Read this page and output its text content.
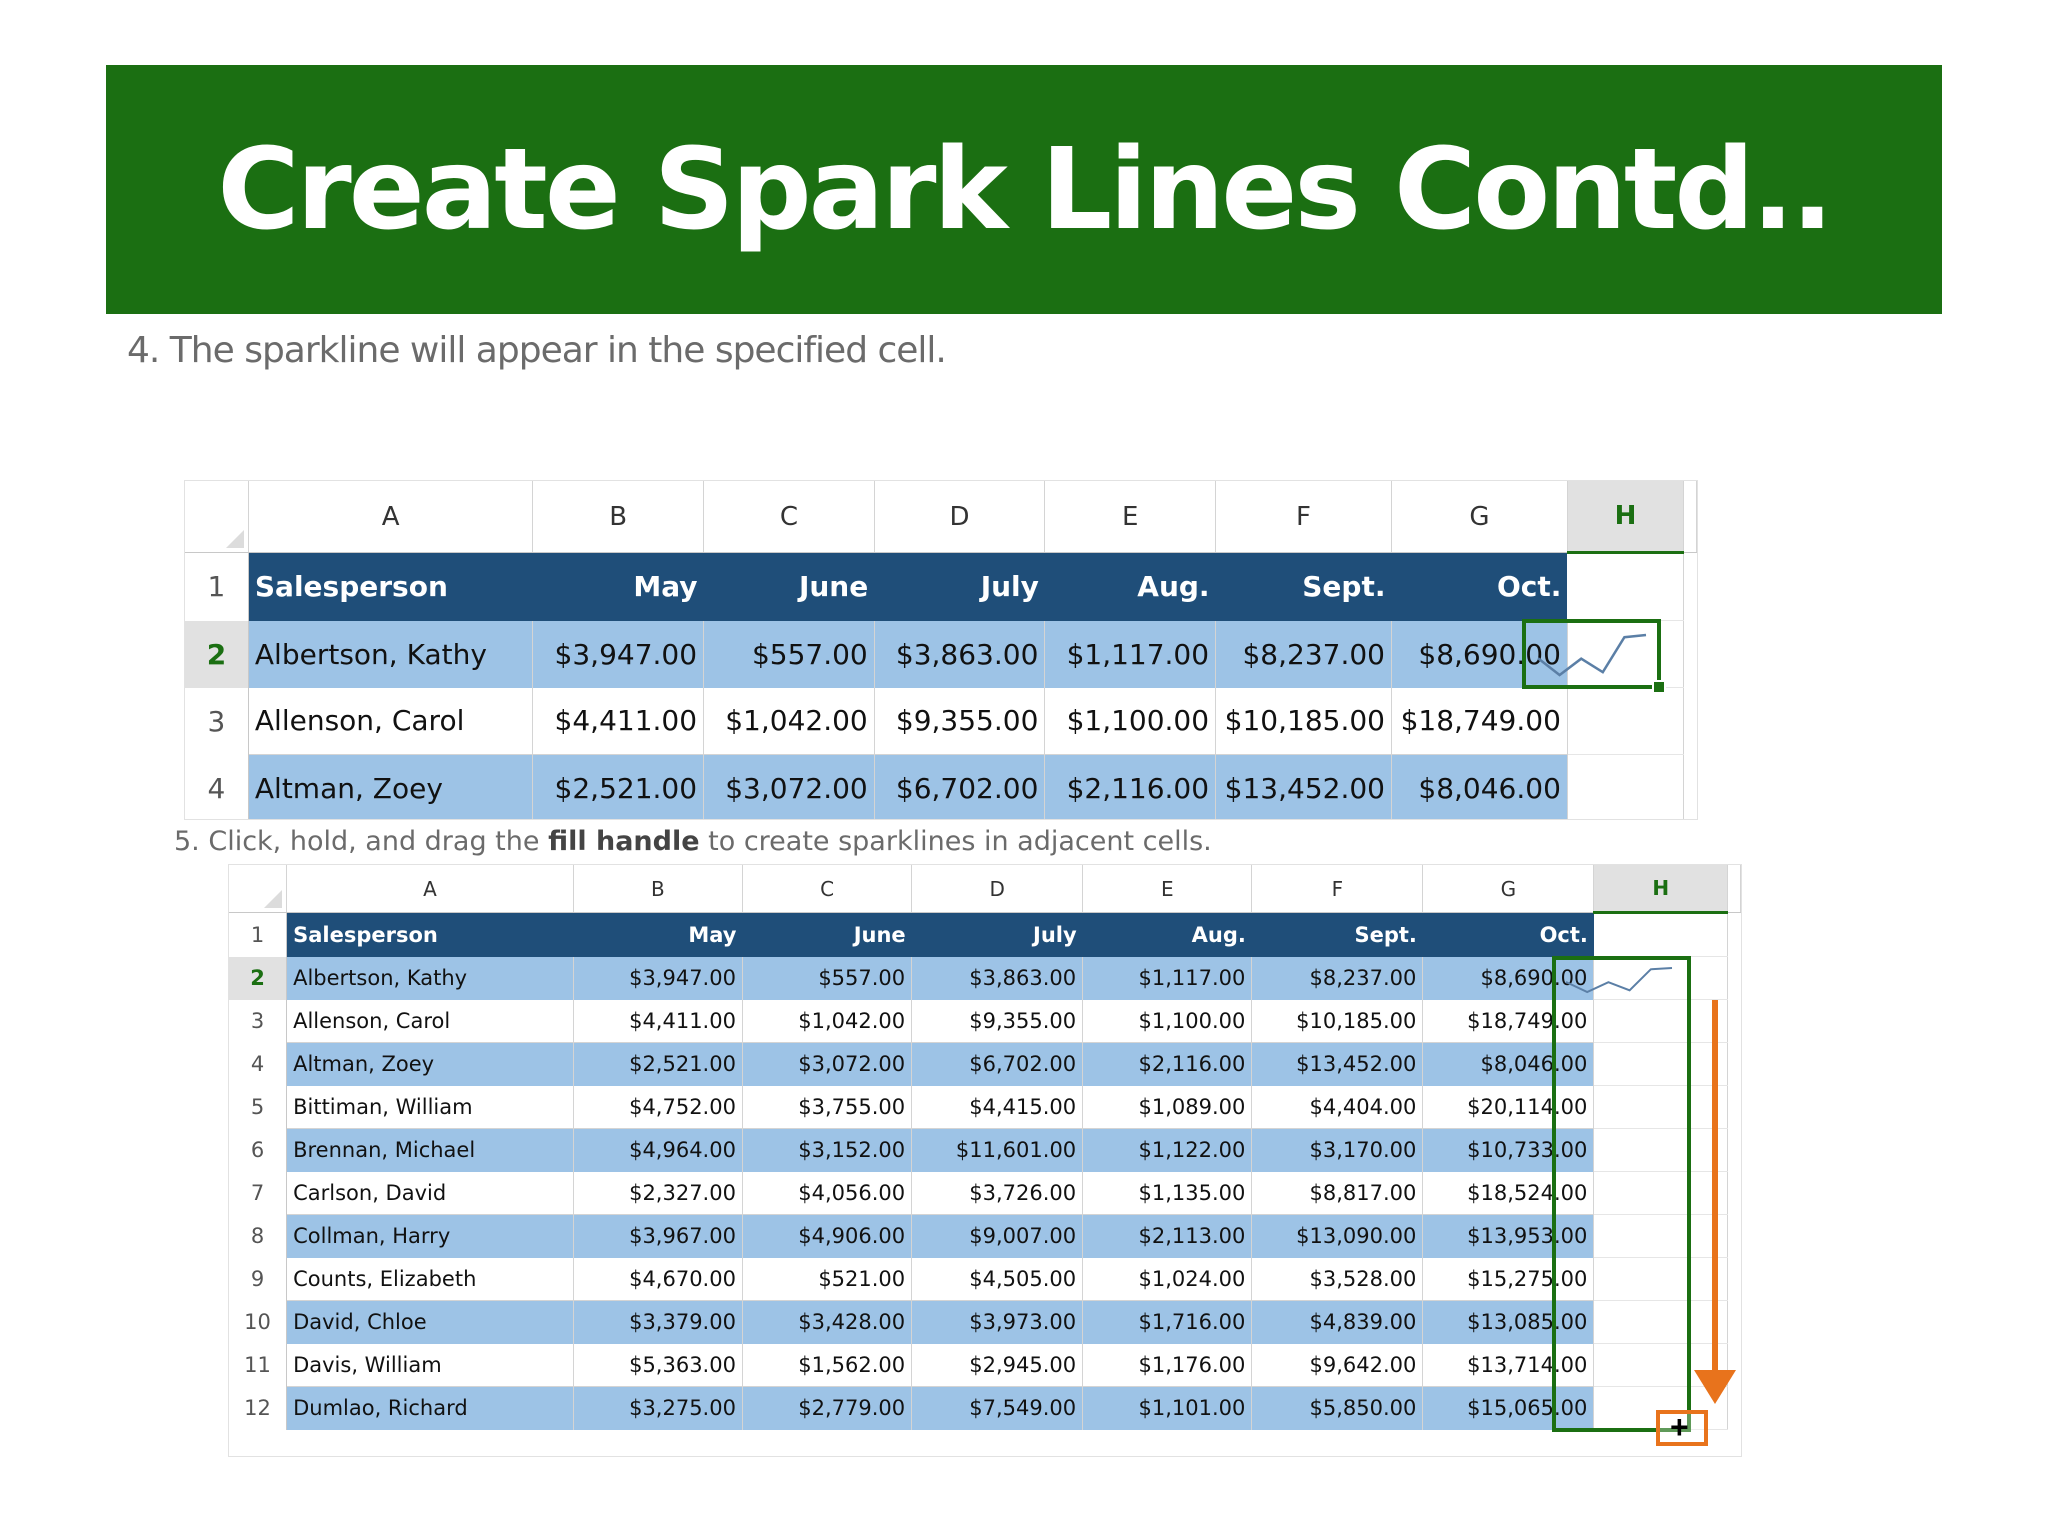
Create Spark Lines Contd..
4. The sparkline will appear in the specified cell.
	A	B	C	D	E	F	G	H	
1	Salesperson	May	June	July	Aug.	Sept.	Oct.		
2	Albertson, Kathy	$3,947.00	$557.00	$3,863.00	$1,117.00	$8,237.00	$8,690.00		
3	Allenson, Carol	$4,411.00	$1,042.00	$9,355.00	$1,100.00	$10,185.00	$18,749.00		
4	Altman, Zoey	$2,521.00	$3,072.00	$6,702.00	$2,116.00	$13,452.00	$8,046.00		
5. Click, hold, and drag the fill handle to create sparklines in adjacent cells.
	A	B	C	D	E	F	G	H	
1	Salesperson	May	June	July	Aug.	Sept.	Oct.		
2	Albertson, Kathy	$3,947.00	$557.00	$3,863.00	$1,117.00	$8,237.00	$8,690.00		
3	Allenson, Carol	$4,411.00	$1,042.00	$9,355.00	$1,100.00	$10,185.00	$18,749.00		
4	Altman, Zoey	$2,521.00	$3,072.00	$6,702.00	$2,116.00	$13,452.00	$8,046.00		
5	Bittiman, William	$4,752.00	$3,755.00	$4,415.00	$1,089.00	$4,404.00	$20,114.00		
6	Brennan, Michael	$4,964.00	$3,152.00	$11,601.00	$1,122.00	$3,170.00	$10,733.00		
7	Carlson, David	$2,327.00	$4,056.00	$3,726.00	$1,135.00	$8,817.00	$18,524.00		
8	Collman, Harry	$3,967.00	$4,906.00	$9,007.00	$2,113.00	$13,090.00	$13,953.00		
9	Counts, Elizabeth	$4,670.00	$521.00	$4,505.00	$1,024.00	$3,528.00	$15,275.00		
10	David, Chloe	$3,379.00	$3,428.00	$3,973.00	$1,716.00	$4,839.00	$13,085.00		
11	Davis, William	$5,363.00	$1,562.00	$2,945.00	$1,176.00	$9,642.00	$13,714.00		
12	Dumlao, Richard	$3,275.00	$2,779.00	$7,549.00	$1,101.00	$5,850.00	$15,065.00		
+
